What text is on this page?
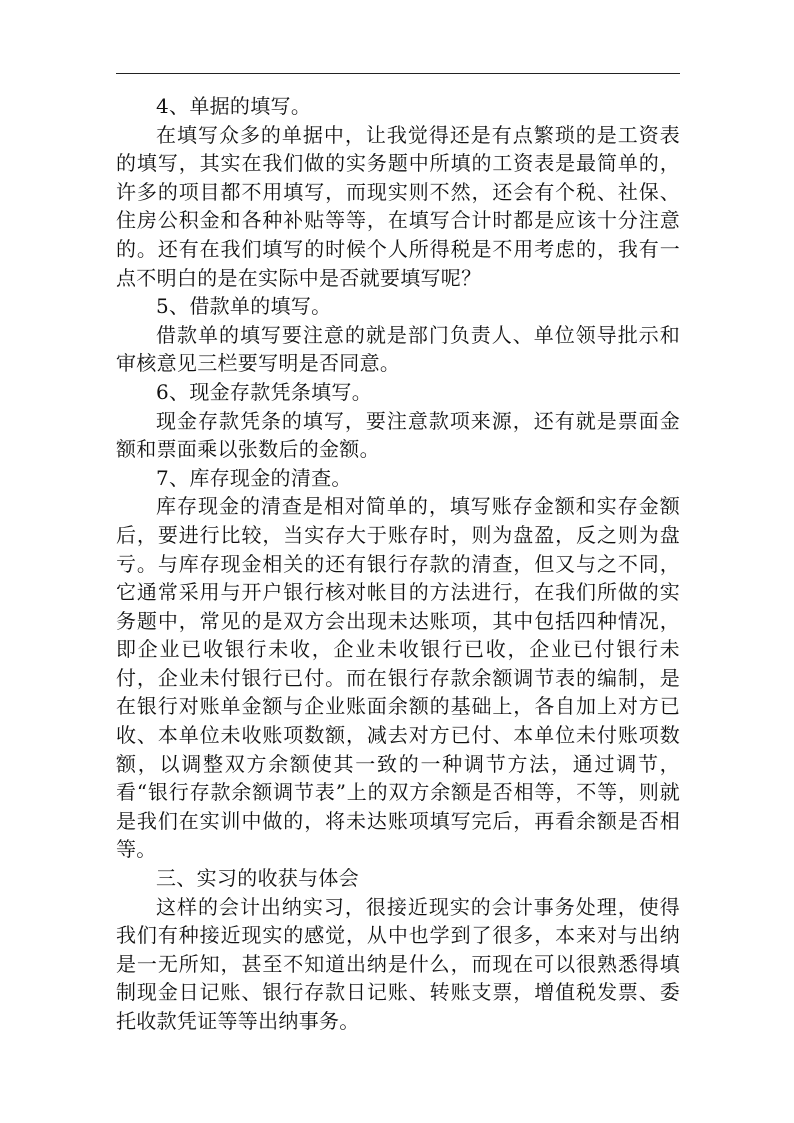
4、单据的填写。

在填写众多的单据中，让我觉得还是有点繁琐的是工资表的填写，其实在我们做的实务题中所填的工资表是最简单的，许多的项目都不用填写，而现实则不然，还会有个税、社保、住房公积金和各种补贴等等，在填写合计时都是应该十分注意的。还有在我们填写的时候个人所得税是不用考虑的，我有一点不明白的是在实际中是否就要填写呢？

5、借款单的填写。

借款单的填写要注意的就是部门负责人、单位领导批示和审核意见三栏要写明是否同意。

6、现金存款凭条填写。

现金存款凭条的填写，要注意款项来源，还有就是票面金额和票面乘以张数后的金额。

7、库存现金的清查。

库存现金的清查是相对简单的，填写账存金额和实存金额后，要进行比较，当实存大于账存时，则为盘盈，反之则为盘亏。与库存现金相关的还有银行存款的清查，但又与之不同，它通常采用与开户银行核对帐目的方法进行，在我们所做的实务题中，常见的是双方会出现未达账项，其中包括四种情况，即企业已收银行未收，企业未收银行已收，企业已付银行未付，企业未付银行已付。而在银行存款余额调节表的编制，是在银行对账单金额与企业账面余额的基础上，各自加上对方已收、本单位未收账项数额，减去对方已付、本单位未付账项数额，以调整双方余额使其一致的一种调节方法，通过调节，看“银行存款余额调节表”上的双方余额是否相等，不等，则就是我们在实训中做的，将未达账项填写完后，再看余额是否相等。

三、实习的收获与体会

这样的会计出纳实习，很接近现实的会计事务处理，使得我们有种接近现实的感觉，从中也学到了很多，本来对与出纳是一无所知，甚至不知道出纳是什么，而现在可以很熟悉得填制现金日记账、银行存款日记账、转账支票，增值税发票、委托收款凭证等等出纳事务。
